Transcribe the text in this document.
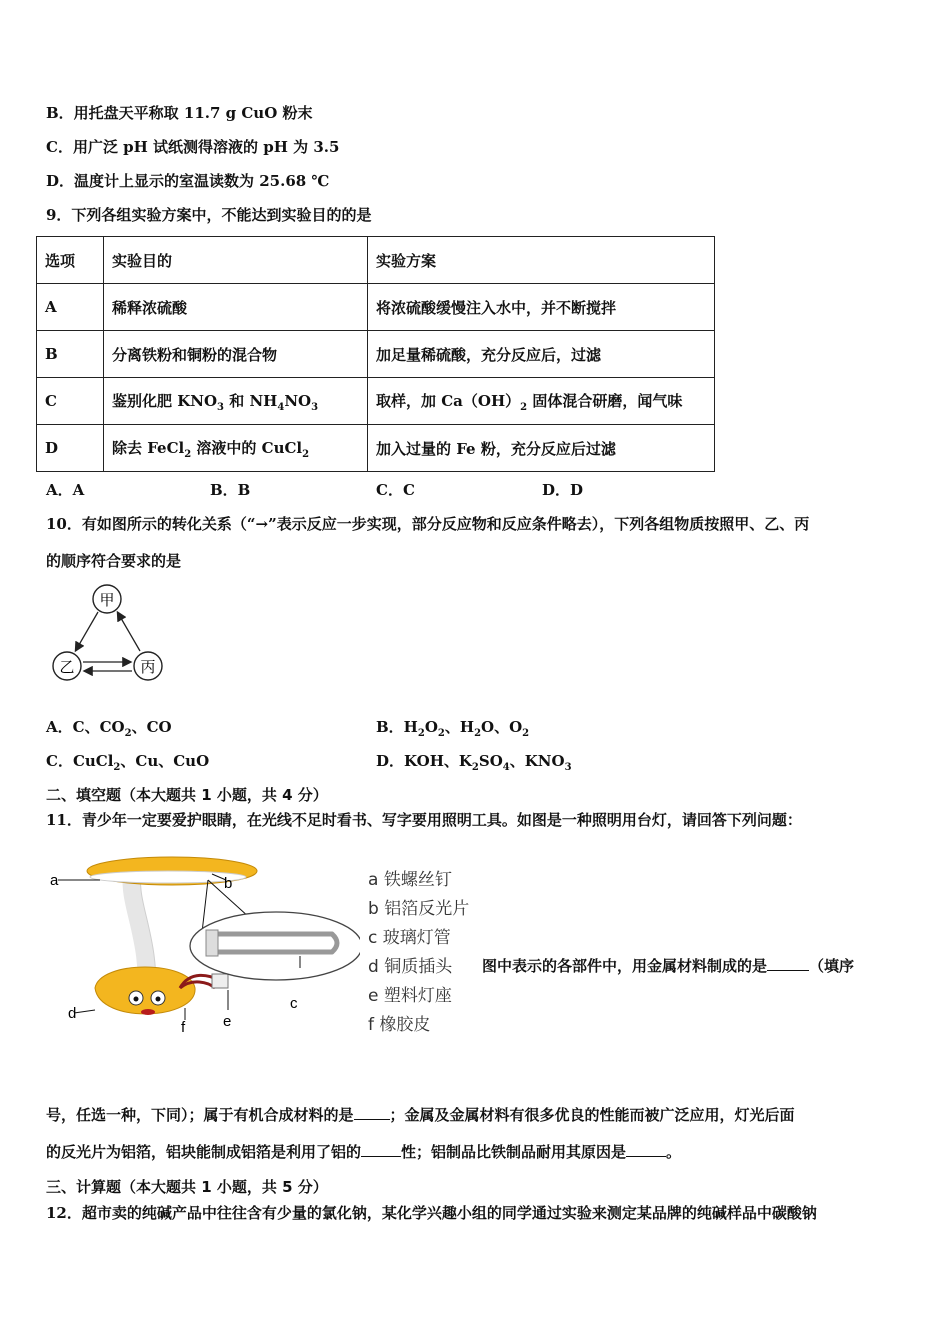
B．用托盘天平称取 11.7 g CuO 粉末
C．用广泛 pH 试纸测得溶液的 pH 为 3.5
D．温度计上显示的室温读数为 25.68 ℃
9．下列各组实验方案中，不能达到实验目的的是
选项	实验目的	实验方案
A	稀释浓硫酸	将浓硫酸缓慢注入水中，并不断搅拌
B	分离铁粉和铜粉的混合物	加足量稀硫酸，充分反应后，过滤
C	鉴别化肥 $KNO_3$ 和 $NH_4NO_3$	取样，加 $Ca(OH)_2$ 固体混合研磨，闻气味
D	除去 FeCl$_2$ 溶液中的 CuCl$_2$	加入过量的 Fe 粉，充分反应后过滤
A．A	B．B	C．C	D．D
10．有如图所示的转化关系（“→”表示反应一步实现，部分反应物和反应条件略去），下列各组物质按照甲、乙、丙
的顺序符合要求的是
甲
乙	丙
A．C、$CO_2$、CO	B．$H_2O_2$、$H_2O$、$O_2$
C．CuCl$_2$、Cu、CuO	D．KOH、$K_2SO_4$、$KNO_3$
二、填空题（本大题共 1 小题，共 4 分）
11．青少年一定要爱护眼睛，在光线不足时看书、写字要用照明工具。如图是一种照明用台灯，请回答下列问题：
a	b
c
d	e
f
a 铁螺丝钉
b 铝箔反光片
c 玻璃灯管
d 铜质插头
e 塑料灯座
f 橡胶皮
图中表示的各部件中，用金属材料制成的是	（填序
号，任选一种，下同）；属于有机合成材料的是 ；金属及金属材料有很多优良的性能而被广泛应用，灯光后面
的反光片为铝箔，铝块能制成铝箔是利用了铝的	性；铝制品比铁制品耐用其原因是	。
三、计算题（本大题共 1 小题，共 5 分）
12．超市卖的纯碱产品中往往含有少量的氯化钠，某化学兴趣小组的同学通过实验来测定某品牌的纯碱样品中碳酸钠
